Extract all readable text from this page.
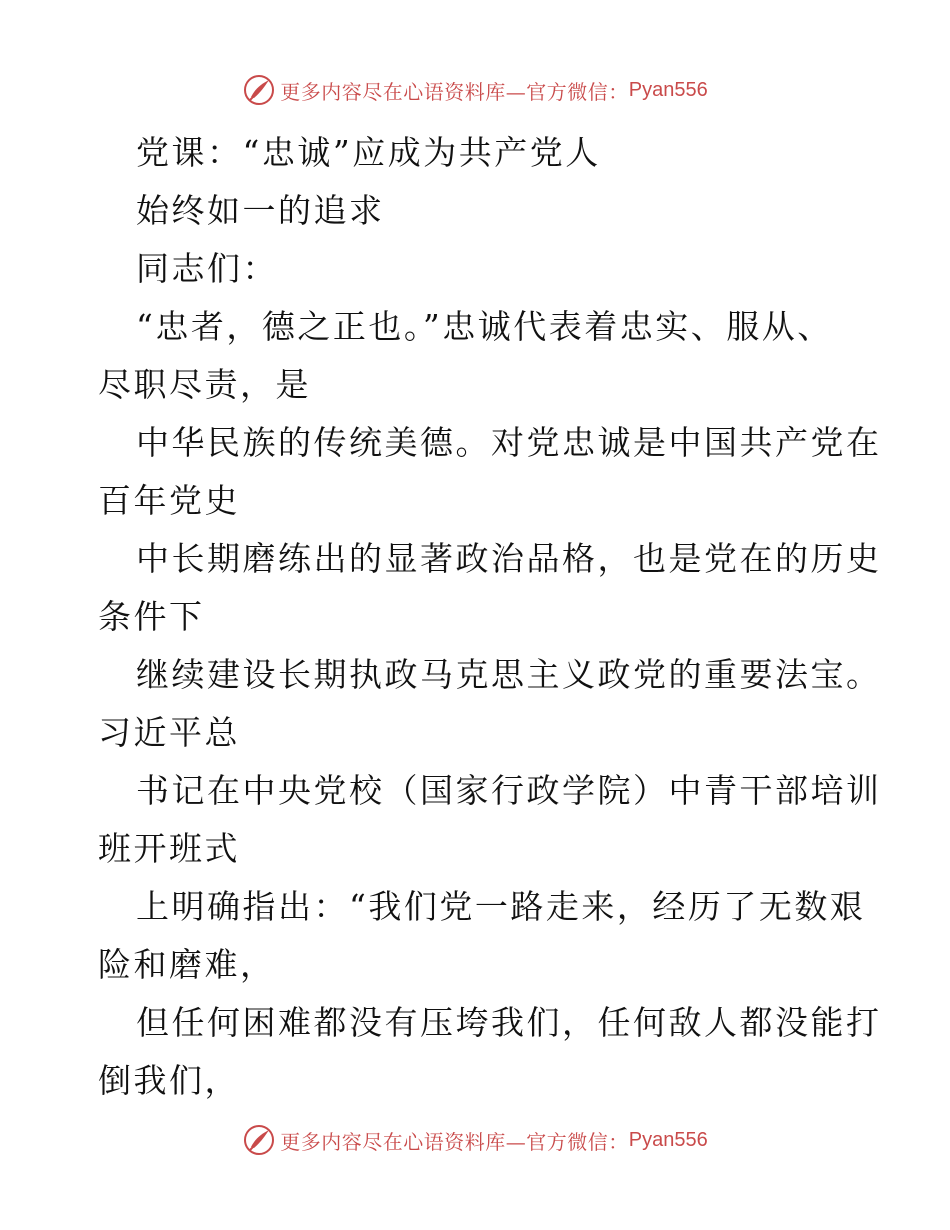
更多内容尽在心语资料库—官方微信： Pyan556
党课：“忠诚”应成为共产党人
始终如一的追求
同志们：
“忠者，德之正也。”忠诚代表着忠实、服从、
尽职尽责，是
中华民族的传统美德。对党忠诚是中国共产党在
百年党史
中长期磨练出的显著政治品格，也是党在的历史
条件下
继续建设长期执政马克思主义政党的重要法宝。
习近平总
书记在中央党校（国家行政学院）中青干部培训
班开班式
上明确指出：“我们党一路走来，经历了无数艰
险和磨难，
但任何困难都没有压垮我们，任何敌人都没能打
倒我们，
更多内容尽在心语资料库—官方微信： Pyan556
